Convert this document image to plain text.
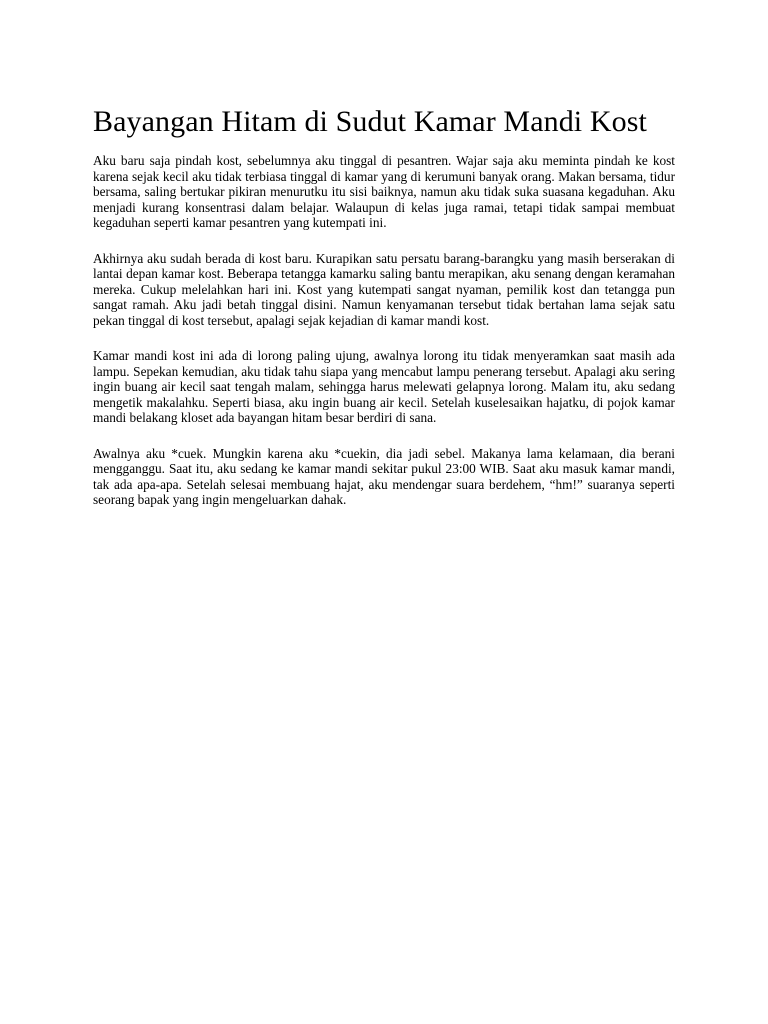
Bayangan Hitam di Sudut Kamar Mandi Kost

Aku baru saja pindah kost, sebelumnya aku tinggal di pesantren. Wajar saja aku meminta pindah ke kost karena sejak kecil aku tidak terbiasa tinggal di kamar yang di kerumuni banyak orang. Makan bersama, tidur bersama, saling bertukar pikiran menurutku itu sisi baiknya, namun aku tidak suka suasana kegaduhan. Aku menjadi kurang konsentrasi dalam belajar. Walaupun di kelas juga ramai, tetapi tidak sampai membuat kegaduhan seperti kamar pesantren yang kutempati ini.

Akhirnya aku sudah berada di kost baru. Kurapikan satu persatu barang-barangku yang masih berserakan di lantai depan kamar kost. Beberapa tetangga kamarku saling bantu merapikan, aku senang dengan keramahan mereka. Cukup melelahkan hari ini. Kost yang kutempati sangat nyaman, pemilik kost dan tetangga pun sangat ramah. Aku jadi betah tinggal disini. Namun kenyamanan tersebut tidak bertahan lama sejak satu pekan tinggal di kost tersebut, apalagi sejak kejadian di kamar mandi kost.

Kamar mandi kost ini ada di lorong paling ujung, awalnya lorong itu tidak menyeramkan saat masih ada lampu. Sepekan kemudian, aku tidak tahu siapa yang mencabut lampu penerang tersebut. Apalagi aku sering ingin buang air kecil saat tengah malam, sehingga harus melewati gelapnya lorong. Malam itu, aku sedang mengetik makalahku. Seperti biasa, aku ingin buang air kecil. Setelah kuselesaikan hajatku, di pojok kamar mandi belakang kloset ada bayangan hitam besar berdiri di sana.

Awalnya aku *cuek. Mungkin karena aku *cuekin, dia jadi sebel. Makanya lama kelamaan, dia berani mengganggu. Saat itu, aku sedang ke kamar mandi sekitar pukul 23:00 WIB. Saat aku masuk kamar mandi, tak ada apa-apa. Setelah selesai membuang hajat, aku mendengar suara berdehem, “hm!” suaranya seperti seorang bapak yang ingin mengeluarkan dahak.
